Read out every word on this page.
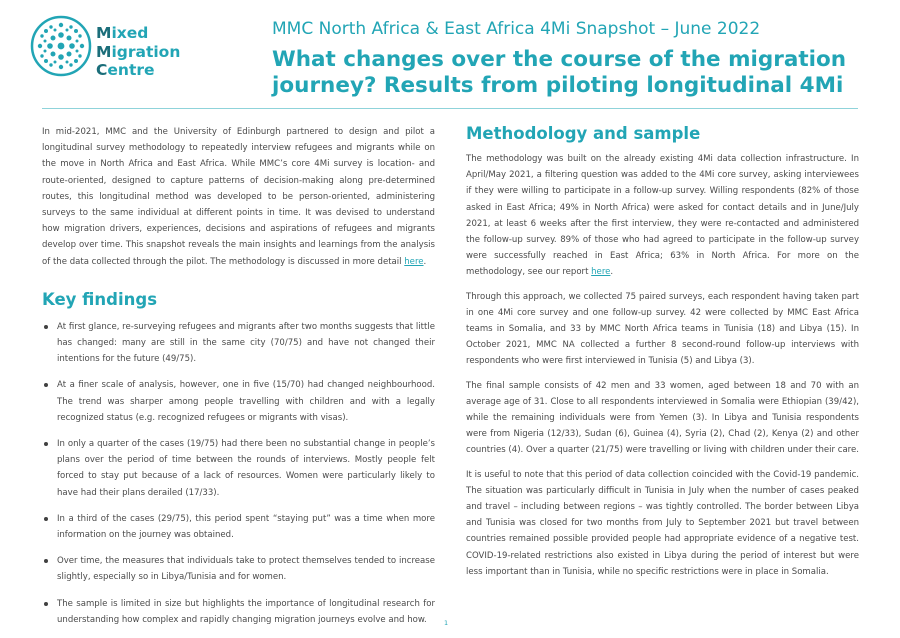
Mixed
Migration
Centre
MMC North Africa & East Africa 4Mi Snapshot – June 2022
What changes over the course of the migration journey? Results from piloting longitudinal 4Mi

In mid-2021, MMC and the University of Edinburgh partnered to design and pilot a longitudinal survey methodology to repeatedly interview refugees and migrants while on the move in North Africa and East Africa. While MMC’s core 4Mi survey is location- and route-oriented, designed to capture patterns of decision-making along pre-determined routes, this longitudinal method was developed to be person-oriented, administering surveys to the same individual at different points in time. It was devised to understand how migration drivers, experiences, decisions and aspirations of refugees and migrants develop over time. This snapshot reveals the main insights and learnings from the analysis of the data collected through the pilot. The methodology is discussed in more detail here.

Key findings
At first glance, re-surveying refugees and migrants after two months suggests that little has changed: many are still in the same city (70/75) and have not changed their intentions for the future (49/75).
At a finer scale of analysis, however, one in five (15/70) had changed neighbourhood. The trend was sharper among people travelling with children and with a legally recognized status (e.g. recognized refugees or migrants with visas).
In only a quarter of the cases (19/75) had there been no substantial change in people’s plans over the period of time between the rounds of interviews. Mostly people felt forced to stay put because of a lack of resources. Women were particularly likely to have had their plans derailed (17/33).
In a third of the cases (29/75), this period spent “staying put” was a time when more information on the journey was obtained.
Over time, the measures that individuals take to protect themselves tended to increase slightly, especially so in Libya/Tunisia and for women.
The sample is limited in size but highlights the importance of longitudinal research for understanding how complex and rapidly changing migration journeys evolve and how.
Methodology and sample

The methodology was built on the already existing 4Mi data collection infrastructure. In April/May 2021, a filtering question was added to the 4Mi core survey, asking interviewees if they were willing to participate in a follow-up survey. Willing respondents (82% of those asked in East Africa; 49% in North Africa) were asked for contact details and in June/July 2021, at least 6 weeks after the first interview, they were re-contacted and administered the follow-up survey. 89% of those who had agreed to participate in the follow-up survey were successfully reached in East Africa; 63% in North Africa. For more on the methodology, see our report here.

Through this approach, we collected 75 paired surveys, each respondent having taken part in one 4Mi core survey and one follow-up survey. 42 were collected by MMC East Africa teams in Somalia, and 33 by MMC North Africa teams in Tunisia (18) and Libya (15). In October 2021, MMC NA collected a further 8 second-round follow-up interviews with respondents who were first interviewed in Tunisia (5) and Libya (3).

The final sample consists of 42 men and 33 women, aged between 18 and 70 with an average age of 31. Close to all respondents interviewed in Somalia were Ethiopian (39/42), while the remaining individuals were from Yemen (3). In Libya and Tunisia respondents were from Nigeria (12/33), Sudan (6), Guinea (4), Syria (2), Chad (2), Kenya (2) and other countries (4). Over a quarter (21/75) were travelling or living with children under their care.

It is useful to note that this period of data collection coincided with the Covid-19 pandemic. The situation was particularly difficult in Tunisia in July when the number of cases peaked and travel – including between regions – was tightly controlled. The border between Libya and Tunisia was closed for two months from July to September 2021 but travel between countries remained possible provided people had appropriate evidence of a negative test. COVID-19-related restrictions also existed in Libya during the period of interest but were less important than in Tunisia, while no specific restrictions were in place in Somalia.

1
